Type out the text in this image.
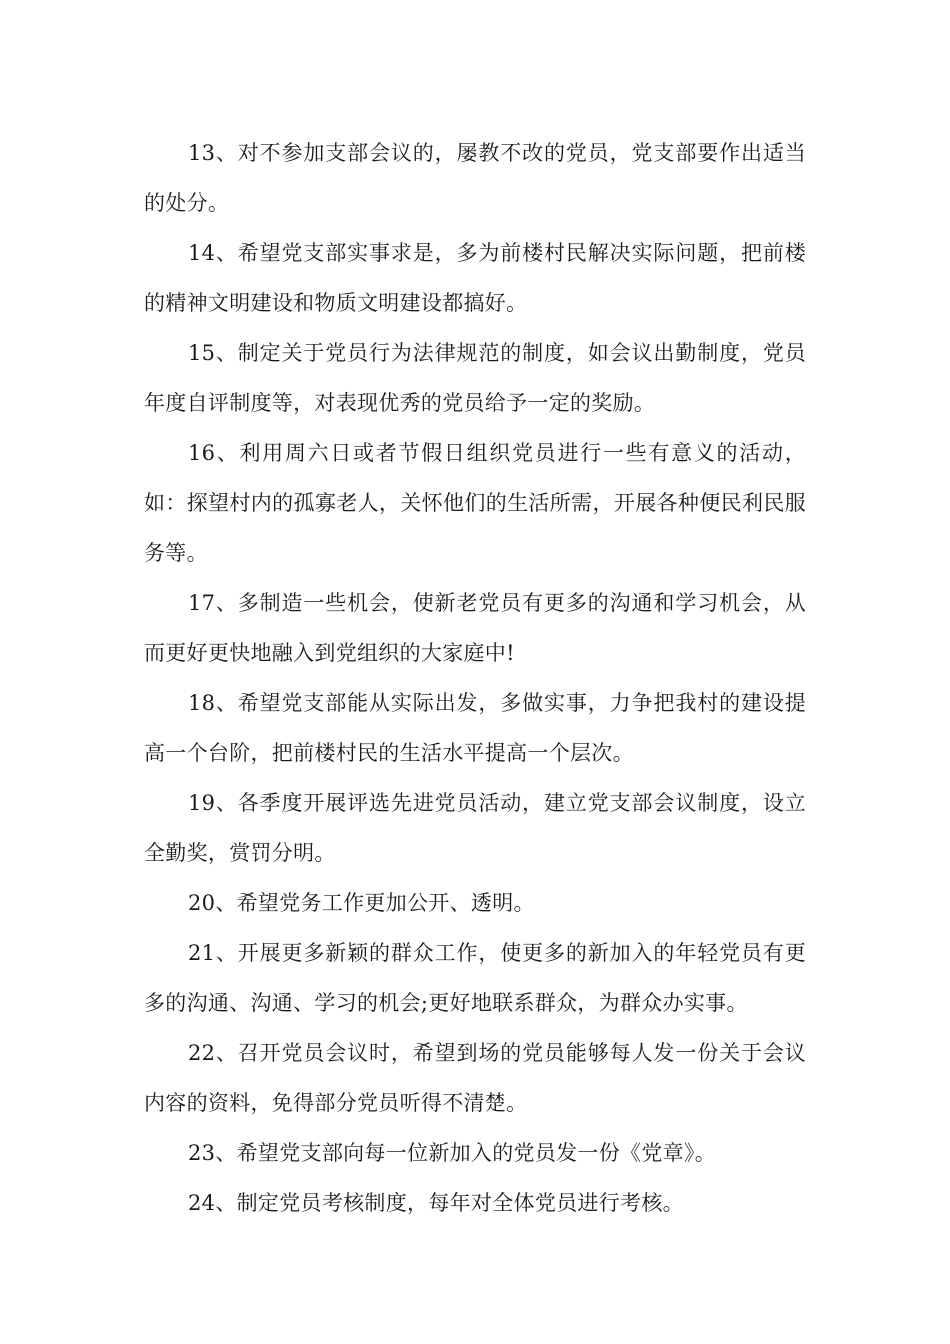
13、对不参加支部会议的，屡教不改的党员，党支部要作出适当的处分。

14、希望党支部实事求是，多为前楼村民解决实际问题，把前楼的精神文明建设和物质文明建设都搞好。

15、制定关于党员行为法律规范的制度，如会议出勤制度，党员年度自评制度等，对表现优秀的党员给予一定的奖励。

16、利用周六日或者节假日组织党员进行一些有意义的活动，如：探望村内的孤寡老人，关怀他们的生活所需，开展各种便民利民服务等。

17、多制造一些机会，使新老党员有更多的沟通和学习机会，从而更好更快地融入到党组织的大家庭中!

18、希望党支部能从实际出发，多做实事，力争把我村的建设提高一个台阶，把前楼村民的生活水平提高一个层次。

19、各季度开展评选先进党员活动，建立党支部会议制度，设立全勤奖，赏罚分明。

20、希望党务工作更加公开、透明。

21、开展更多新颖的群众工作，使更多的新加入的年轻党员有更多的沟通、沟通、学习的机会;更好地联系群众，为群众办实事。

22、召开党员会议时，希望到场的党员能够每人发一份关于会议内容的资料，免得部分党员听得不清楚。

23、希望党支部向每一位新加入的党员发一份《党章》。

24、制定党员考核制度，每年对全体党员进行考核。
